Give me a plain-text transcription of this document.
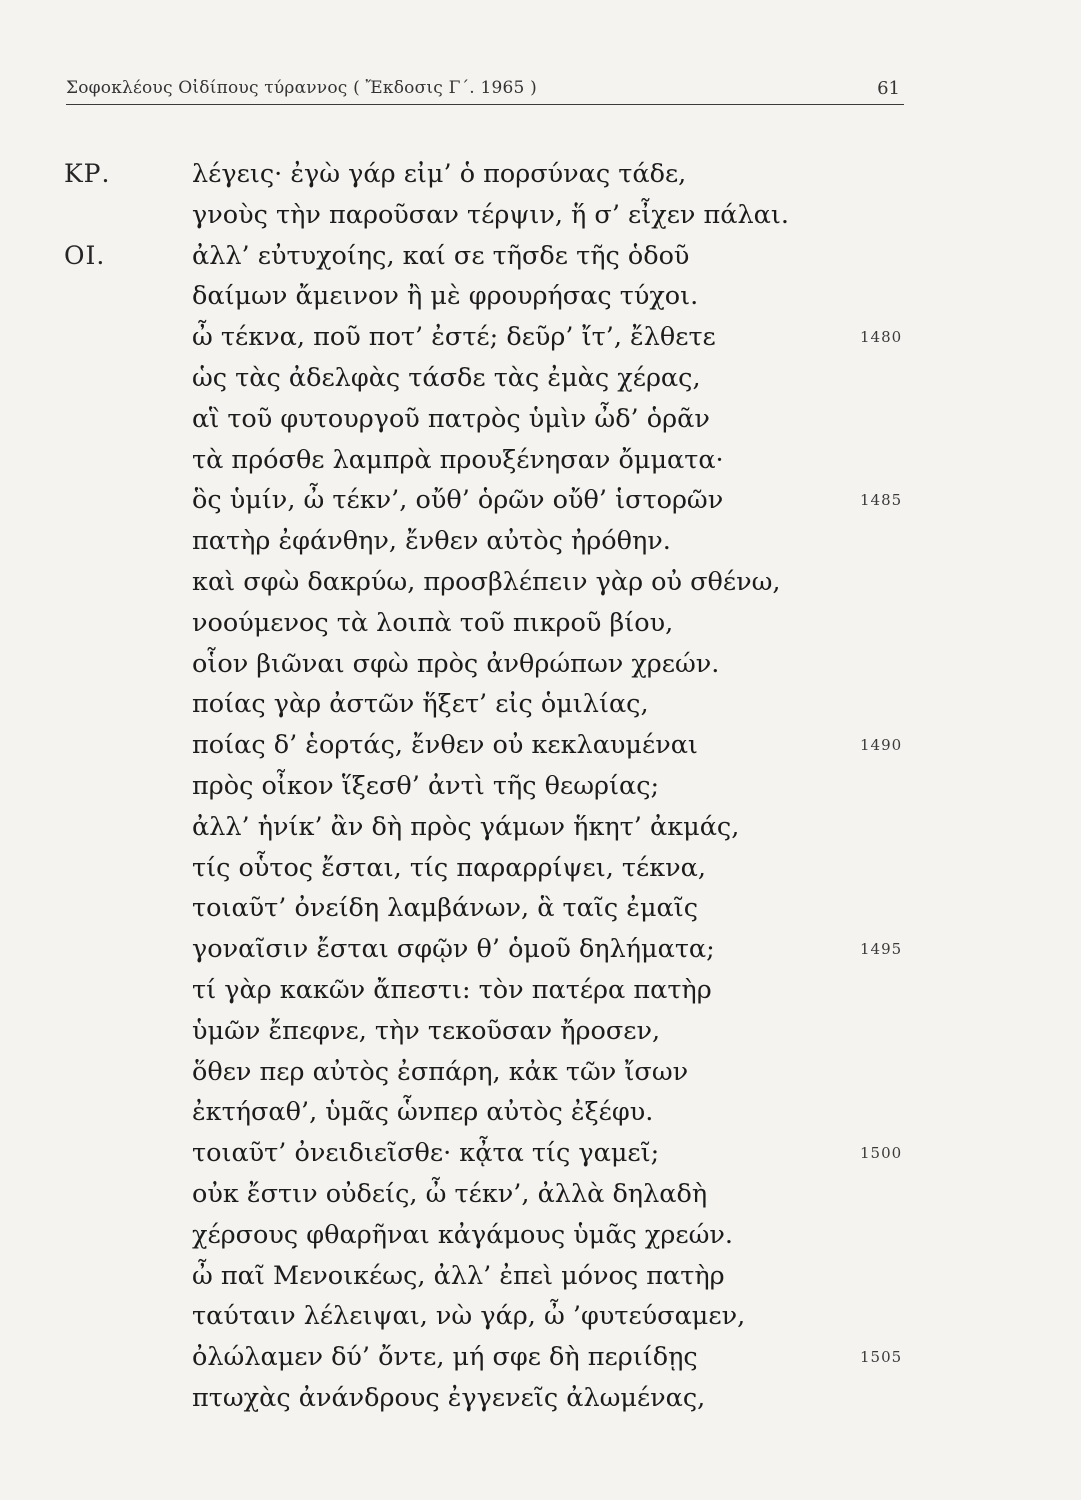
Σοφοκλέους Οἰδίπους τύραννος ( Ἔκδοσις Γ΄. 1965 )	61
ΚΡ.	λέγεις· ἐγὼ γάρ εἰμ’ ὁ πορσύνας τάδε,
γνοὺς τὴν παροῦσαν τέρψιν, ἥ σ’ εἶχεν πάλαι.
ΟΙ.	ἀλλ’ εὐτυχοίης, καί σε τῆσδε τῆς ὁδοῦ
δαίμων ἄμεινον ἢ μὲ φρουρήσας τύχοι.
ὦ τέκνα, ποῦ ποτ’ ἐστέ; δεῦρ’ ἴτ’, ἔλθετε	1480
ὡς τὰς ἀδελφὰς τάσδε τὰς ἐμὰς χέρας,
αἳ τοῦ φυτουργοῦ πατρὸς ὑμὶν ὦδ’ ὁρᾶν
τὰ πρόσθε λαμπρὰ προυξένησαν ὄμματα·
ὃς ὑμίν, ὦ τέκν’, οὔθ’ ὁρῶν οὔθ’ ἱστορῶν	1485
πατὴρ ἐφάνθην, ἔνθεν αὐτὸς ἠρόθην.
καὶ σφὼ δακρύω, προσβλέπειν γὰρ οὐ σθένω,
νοούμενος τὰ λοιπὰ τοῦ πικροῦ βίου,
οἷον βιῶναι σφὼ πρὸς ἀνθρώπων χρεών.
ποίας γὰρ ἀστῶν ἥξετ’ εἰς ὁμιλίας,
ποίας δ’ ἑορτάς, ἔνθεν οὐ κεκλαυμέναι	1490
πρὸς οἶκον ἵξεσθ’ ἀντὶ τῆς θεωρίας;
ἀλλ’ ἡνίκ’ ἂν δὴ πρὸς γάμων ἥκητ’ ἀκμάς,
τίς οὗτος ἔσται, τίς παραρρίψει, τέκνα,
τοιαῦτ’ ὀνείδη λαμβάνων, ἃ ταῖς ἐμαῖς
γοναῖσιν ἔσται σφῷν θ’ ὁμοῦ δηλήματα;	1495
τί γὰρ κακῶν ἄπεστι: τὸν πατέρα πατὴρ
ὑμῶν ἔπεφνε, τὴν τεκοῦσαν ἤροσεν,
ὅθεν περ αὐτὸς ἐσπάρη, κἀκ τῶν ἴσων
ἐκτήσαθ’, ὑμᾶς ὧνπερ αὐτὸς ἐξέφυ.
τοιαῦτ’ ὀνειδιεῖσθε· κᾆτα τίς γαμεῖ;	1500
οὐκ ἔστιν οὐδείς, ὦ τέκν’, ἀλλὰ δηλαδὴ
χέρσους φθαρῆναι κἀγάμους ὑμᾶς χρεών.
ὦ παῖ Μενοικέως, ἀλλ’ ἐπεὶ μόνος πατὴρ
ταύταιν λέλειψαι, νὼ γάρ, ὦ ’φυτεύσαμεν,
ὀλώλαμεν δύ’ ὄντε, μή σφε δὴ περιίδῃς	1505
πτωχὰς ἀνάνδρους ἐγγενεῖς ἀλωμένας,
